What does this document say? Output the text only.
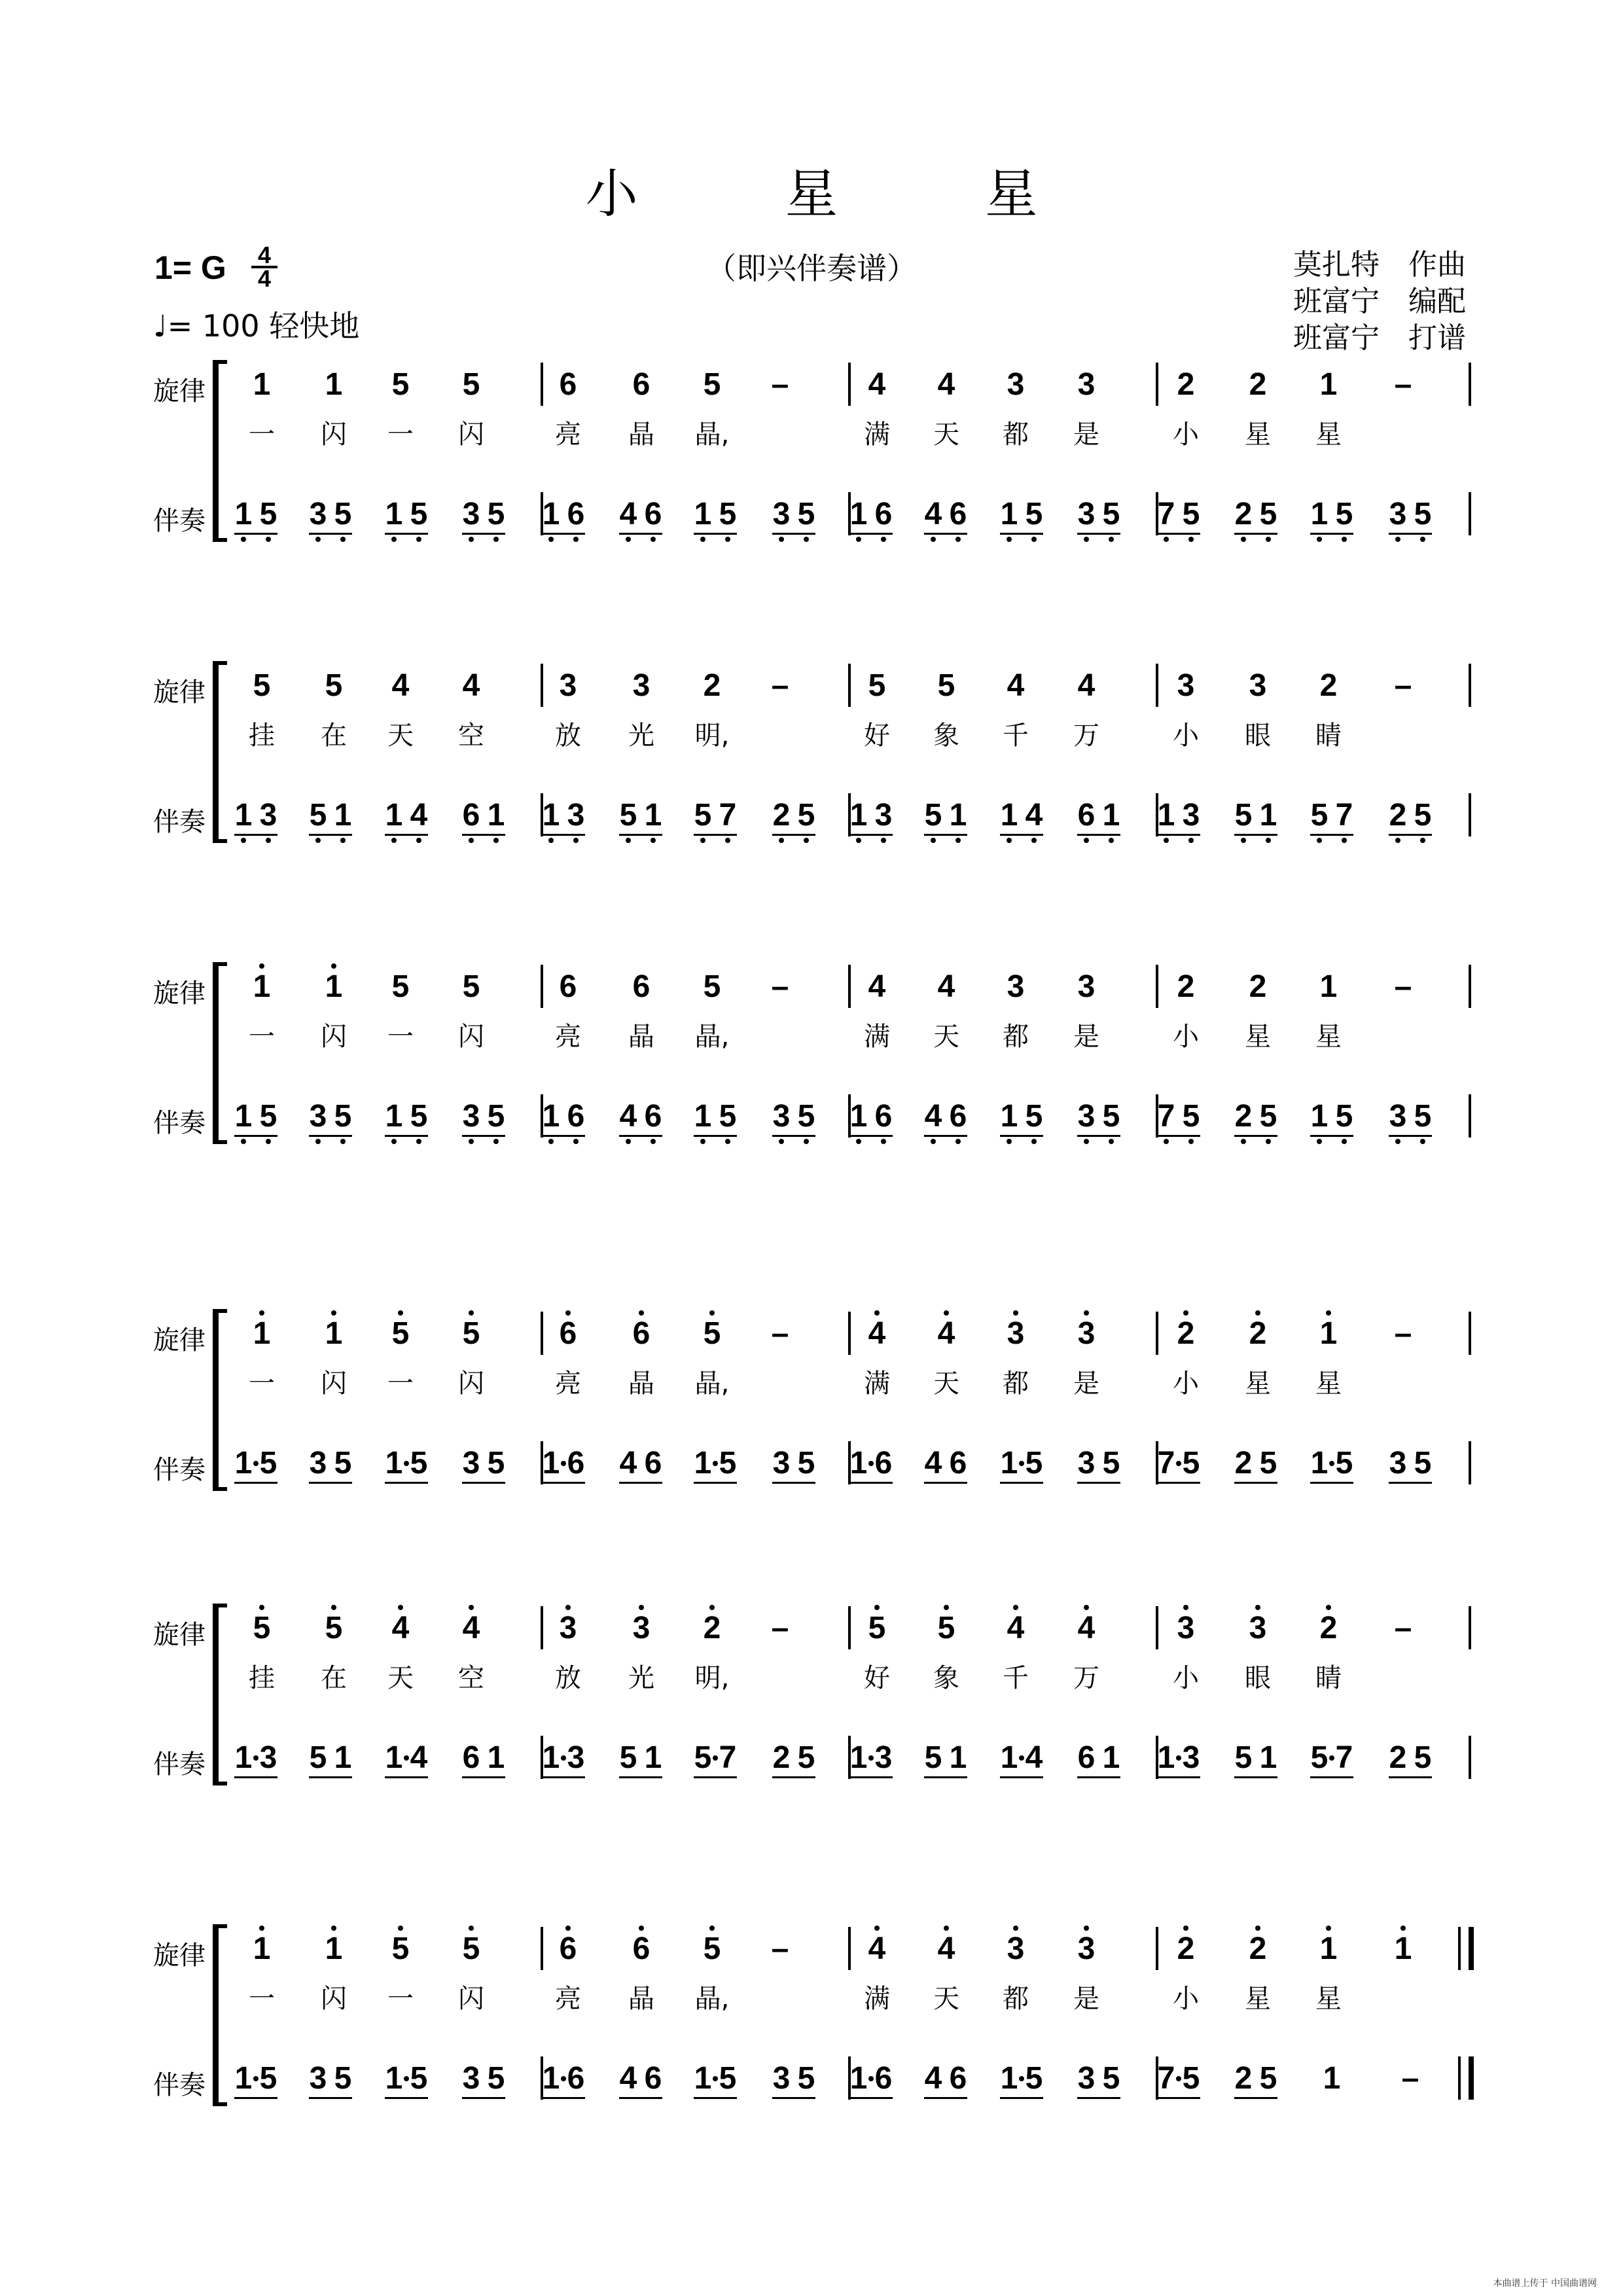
小 星 星
（即兴伴奏谱）
1= G 4
4
♩= 100 轻快地
莫扎特　作曲
班富宁　编配
班富宁　打谱
旋律
伴奏
1 1 5 5
一 闪 一 闪
1 5 3 5 1 5 3 5
6 6 5 –
亮 晶 晶,
1 6 4 6 1 5 3 5
4 4 3 3
满 天 都 是
1 6 4 6 1 5 3 5
2 2 1 –
小 星 星
7 5 2 5 1 5 3 5
旋律
伴奏
5 5 4 4
挂 在 天 空
1 3 5 1 1 4 6 1
3 3 2 –
放 光 明,
1 3 5 1 5 7 2 5
5 5 4 4
好 象 千 万
1 3 5 1 1 4 6 1
3 3 2 –
小 眼 睛
1 3 5 1 5 7 2 5
旋律
伴奏
1 1 5 5
一 闪 一 闪
1 5 3 5 1 5 3 5
6 6 5 –
亮 晶 晶,
1 6 4 6 1 5 3 5
4 4 3 3
满 天 都 是
1 6 4 6 1 5 3 5
2 2 1 –
小 星 星
7 5 2 5 1 5 3 5
旋律
伴奏
1 1 5 5
一 闪 一 闪
1 5 3 5 1 5 3 5
6 6 5 –
亮 晶 晶,
1 6 4 6 1 5 3 5
4 4 3 3
满 天 都 是
1 6 4 6 1 5 3 5
2 2 1 –
小 星 星
7 5 2 5 1 5 3 5
旋律
伴奏
5 5 4 4
挂 在 天 空
1 3 5 1 1 4 6 1
3 3 2 –
放 光 明,
1 3 5 1 5 7 2 5
5 5 4 4
好 象 千 万
1 3 5 1 1 4 6 1
3 3 2 –
小 眼 睛
1 3 5 1 5 7 2 5
旋律
伴奏
1 1 5 5
一 闪 一 闪
1 5 3 5 1 5 3 5
6 6 5 –
亮 晶 晶,
1 6 4 6 1 5 3 5
4 4 3 3
满 天 都 是
1 6 4 6 1 5 3 5
2 2 1 1
小 星 星
7 5 2 5 1 –
本曲谱上传于 中国曲谱网
